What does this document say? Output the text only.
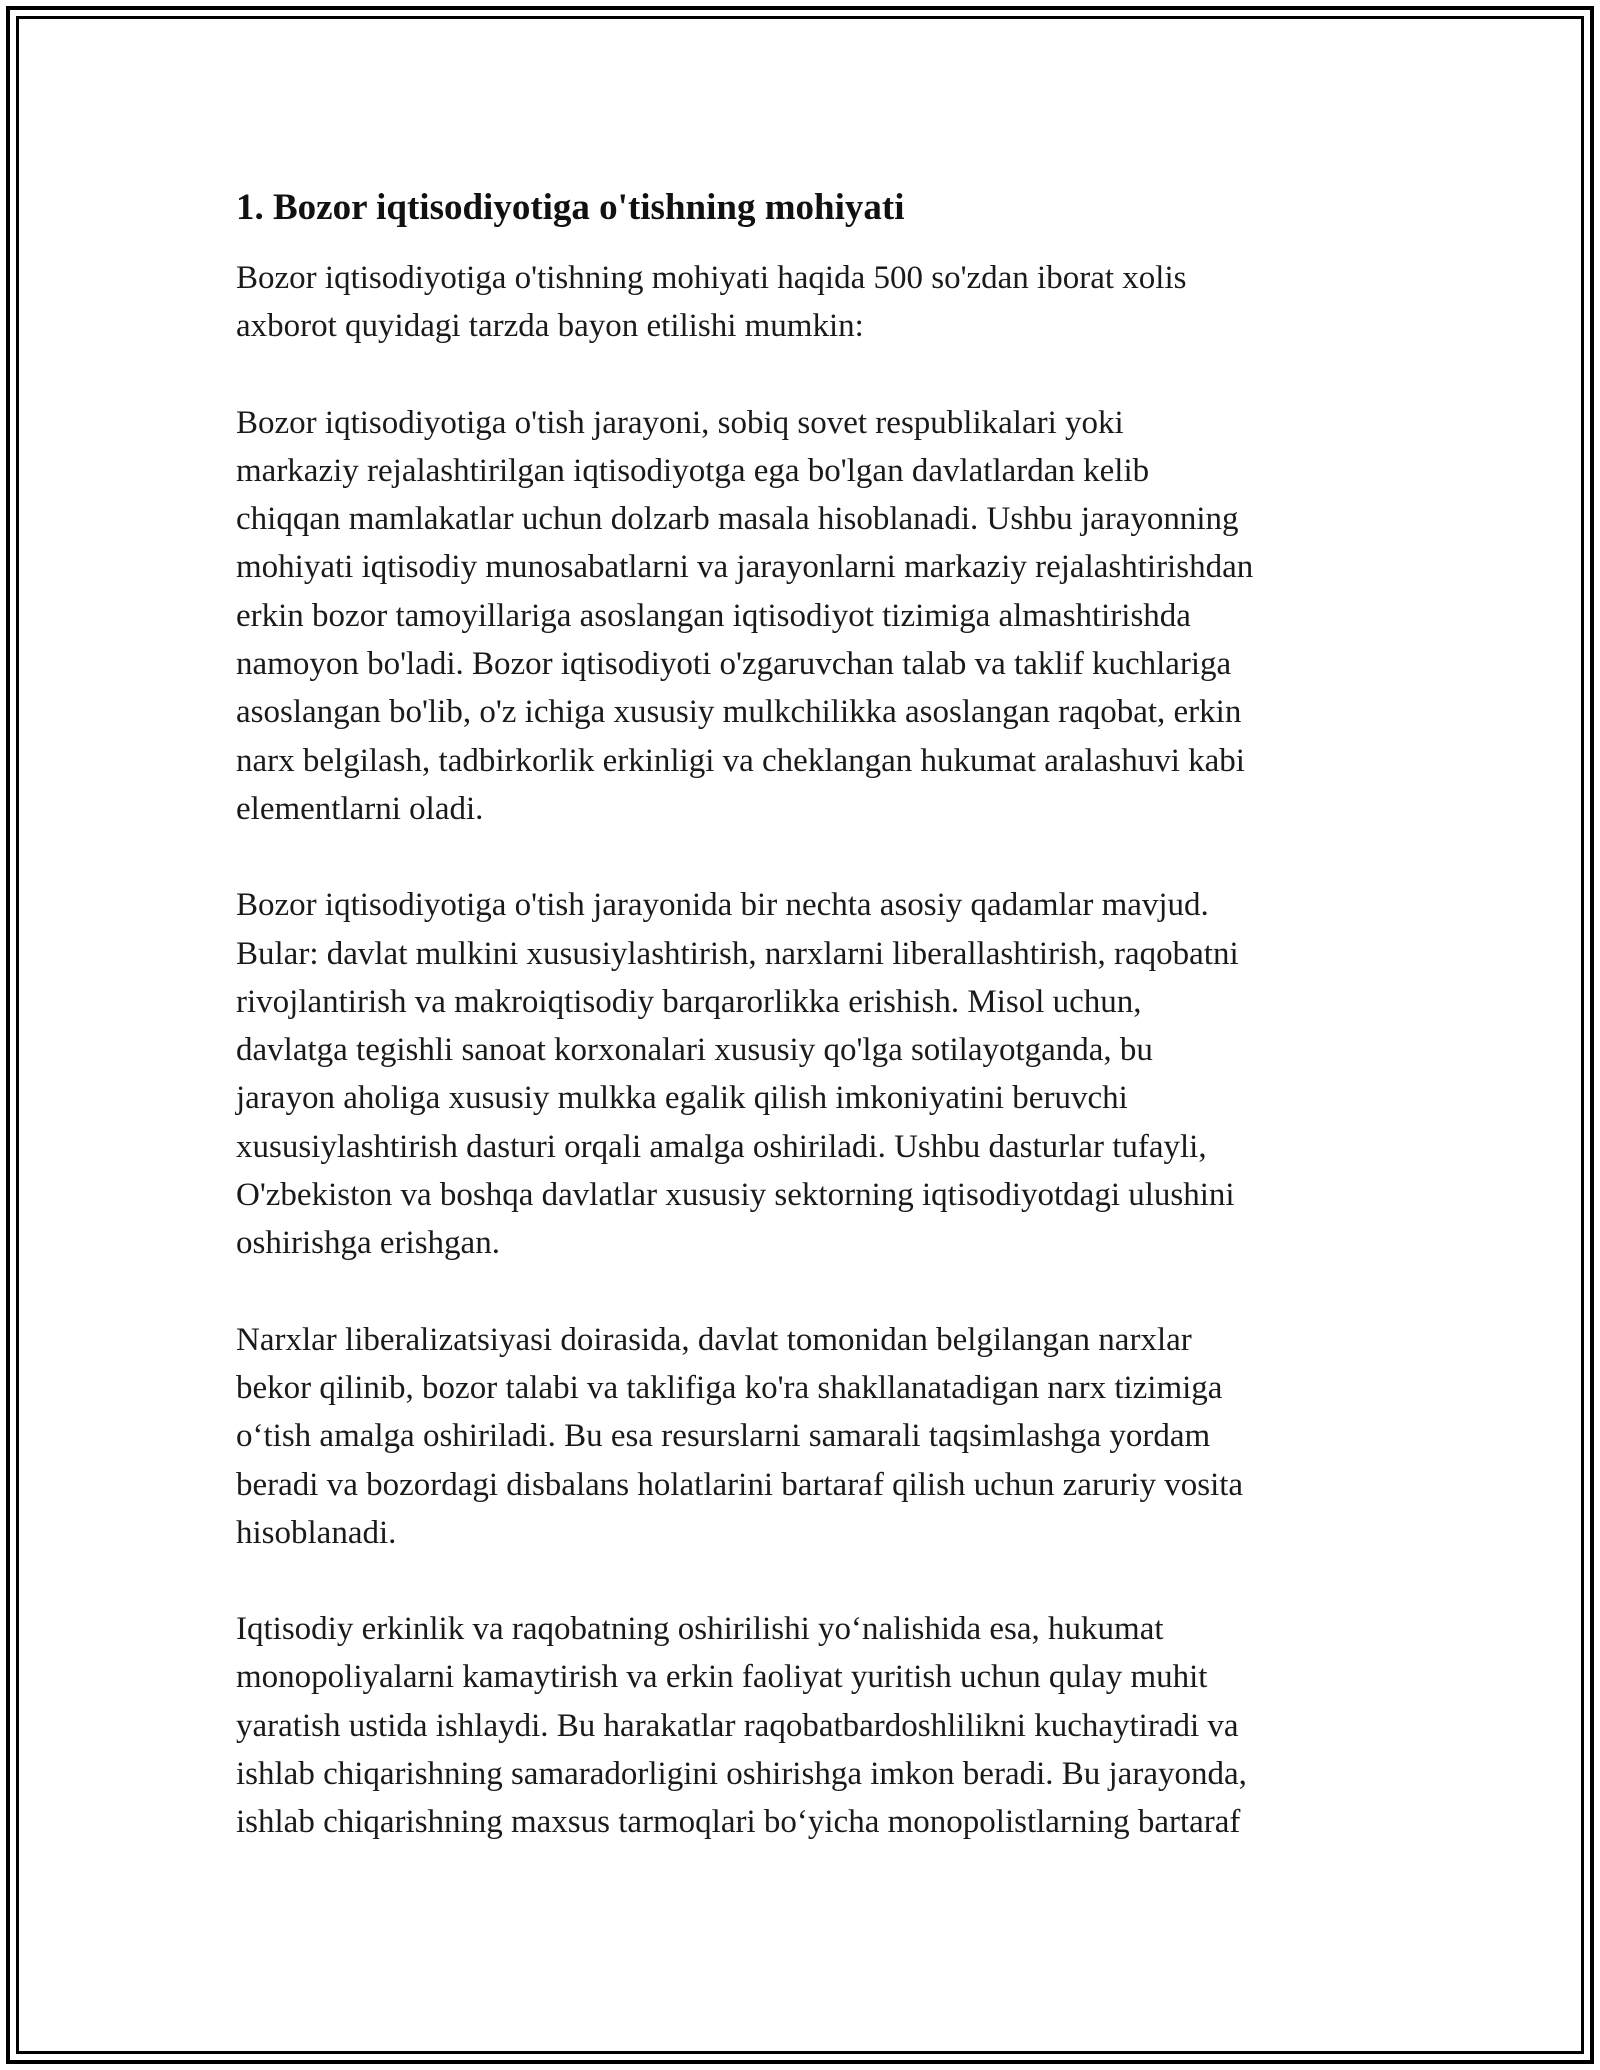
1. Bozor iqtisodiyotiga o'tishning mohiyati

Bozor iqtisodiyotiga o'tishning mohiyati haqida 500 so'zdan iborat xolis
axborot quyidagi tarzda bayon etilishi mumkin:

Bozor iqtisodiyotiga o'tish jarayoni, sobiq sovet respublikalari yoki
markaziy rejalashtirilgan iqtisodiyotga ega bo'lgan davlatlardan kelib
chiqqan mamlakatlar uchun dolzarb masala hisoblanadi. Ushbu jarayonning
mohiyati iqtisodiy munosabatlarni va jarayonlarni markaziy rejalashtirishdan
erkin bozor tamoyillariga asoslangan iqtisodiyot tizimiga almashtirishda
namoyon bo'ladi. Bozor iqtisodiyoti o'zgaruvchan talab va taklif kuchlariga
asoslangan bo'lib, o'z ichiga xususiy mulkchilikka asoslangan raqobat, erkin
narx belgilash, tadbirkorlik erkinligi va cheklangan hukumat aralashuvi kabi
elementlarni oladi.

Bozor iqtisodiyotiga o'tish jarayonida bir nechta asosiy qadamlar mavjud.
Bular: davlat mulkini xususiylashtirish, narxlarni liberallashtirish, raqobatni
rivojlantirish va makroiqtisodiy barqarorlikka erishish. Misol uchun,
davlatga tegishli sanoat korxonalari xususiy qo'lga sotilayotganda, bu
jarayon aholiga xususiy mulkka egalik qilish imkoniyatini beruvchi
xususiylashtirish dasturi orqali amalga oshiriladi. Ushbu dasturlar tufayli,
O'zbekiston va boshqa davlatlar xususiy sektorning iqtisodiyotdagi ulushini
oshirishga erishgan.

Narxlar liberalizatsiyasi doirasida, davlat tomonidan belgilangan narxlar
bekor qilinib, bozor talabi va taklifiga ko'ra shakllanatadigan narx tizimiga
o‘tish amalga oshiriladi. Bu esa resurslarni samarali taqsimlashga yordam
beradi va bozordagi disbalans holatlarini bartaraf qilish uchun zaruriy vosita
hisoblanadi.

Iqtisodiy erkinlik va raqobatning oshirilishi yo‘nalishida esa, hukumat
monopoliyalarni kamaytirish va erkin faoliyat yuritish uchun qulay muhit
yaratish ustida ishlaydi. Bu harakatlar raqobatbardoshlilikni kuchaytiradi va
ishlab chiqarishning samaradorligini oshirishga imkon beradi. Bu jarayonda,
ishlab chiqarishning maxsus tarmoqlari bo‘yicha monopolistlarning bartaraf
